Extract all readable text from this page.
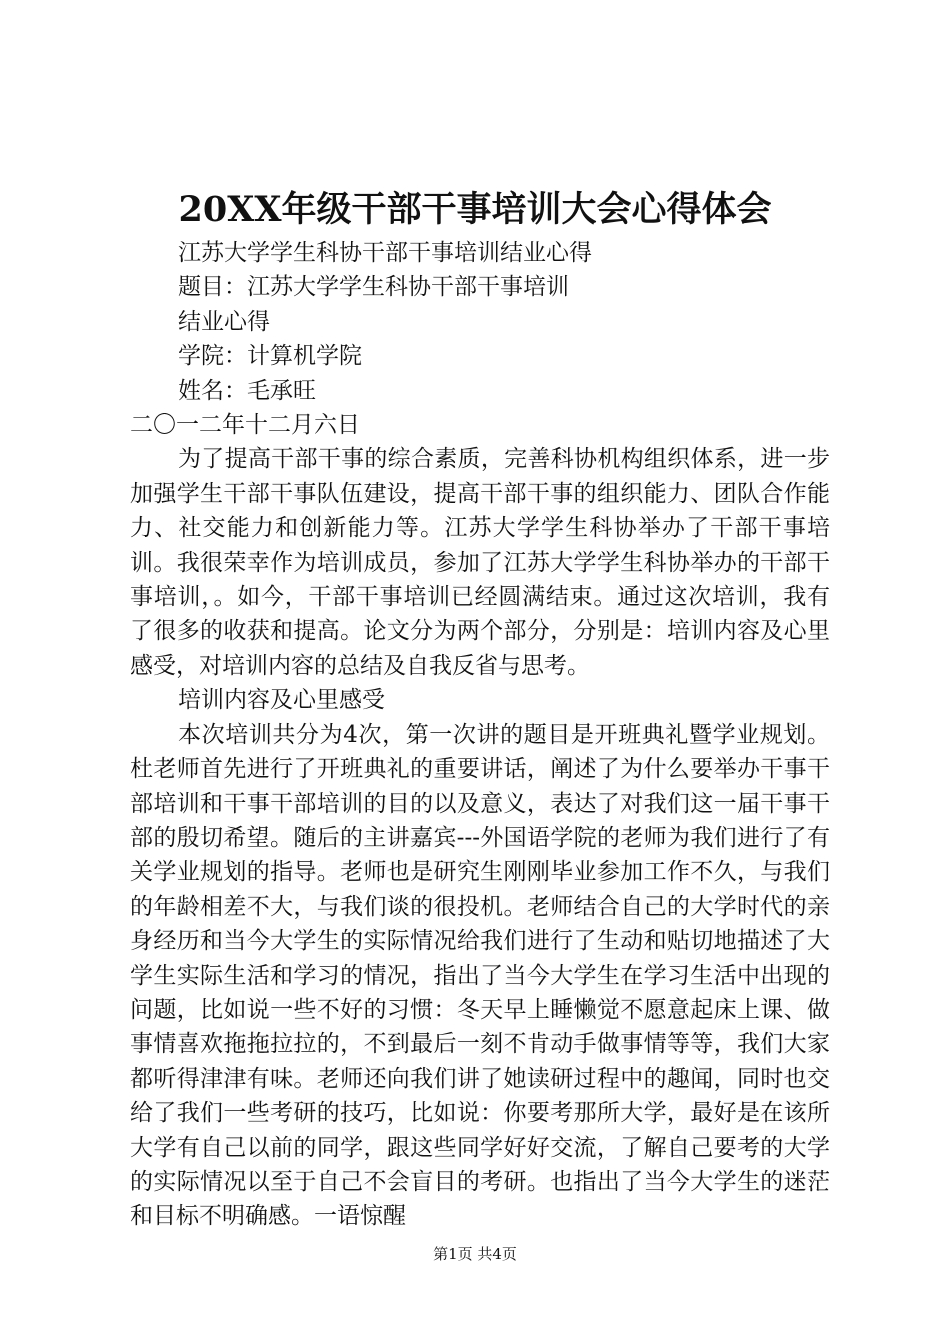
20XX年级干部干事培训大会心得体会

江苏大学学生科协干部干事培训结业心得

题目：江苏大学学生科协干部干事培训

结业心得

学院：计算机学院

姓名：毛承旺

二〇一二年十二月六日

为了提高干部干事的综合素质，完善科协机构组织体系，进一步加强学生干部干事队伍建设，提高干部干事的组织能力、团队合作能力、社交能力和创新能力等。江苏大学学生科协举办了干部干事培训。我很荣幸作为培训成员，参加了江苏大学学生科协举办的干部干事培训，。如今，干部干事培训已经圆满结束。通过这次培训，我有了很多的收获和提高。论文分为两个部分，分别是：培训内容及心里感受，对培训内容的总结及自我反省与思考。

培训内容及心里感受

本次培训共分为4次，第一次讲的题目是开班典礼暨学业规划。杜老师首先进行了开班典礼的重要讲话，阐述了为什么要举办干事干部培训和干事干部培训的目的以及意义，表达了对我们这一届干事干部的殷切希望。随后的主讲嘉宾---外国语学院的老师为我们进行了有关学业规划的指导。老师也是研究生刚刚毕业参加工作不久，与我们的年龄相差不大，与我们谈的很投机。老师结合自己的大学时代的亲身经历和当今大学生的实际情况给我们进行了生动和贴切地描述了大学生实际生活和学习的情况，指出了当今大学生在学习生活中出现的问题，比如说一些不好的习惯：冬天早上睡懒觉不愿意起床上课、做事情喜欢拖拖拉拉的，不到最后一刻不肯动手做事情等等，我们大家都听得津津有味。老师还向我们讲了她读研过程中的趣闻，同时也交给了我们一些考研的技巧，比如说：你要考那所大学，最好是在该所大学有自己以前的同学，跟这些同学好好交流，了解自己要考的大学的实际情况以至于自己不会盲目的考研。也指出了当今大学生的迷茫和目标不明确感。一语惊醒

第1页 共4页
